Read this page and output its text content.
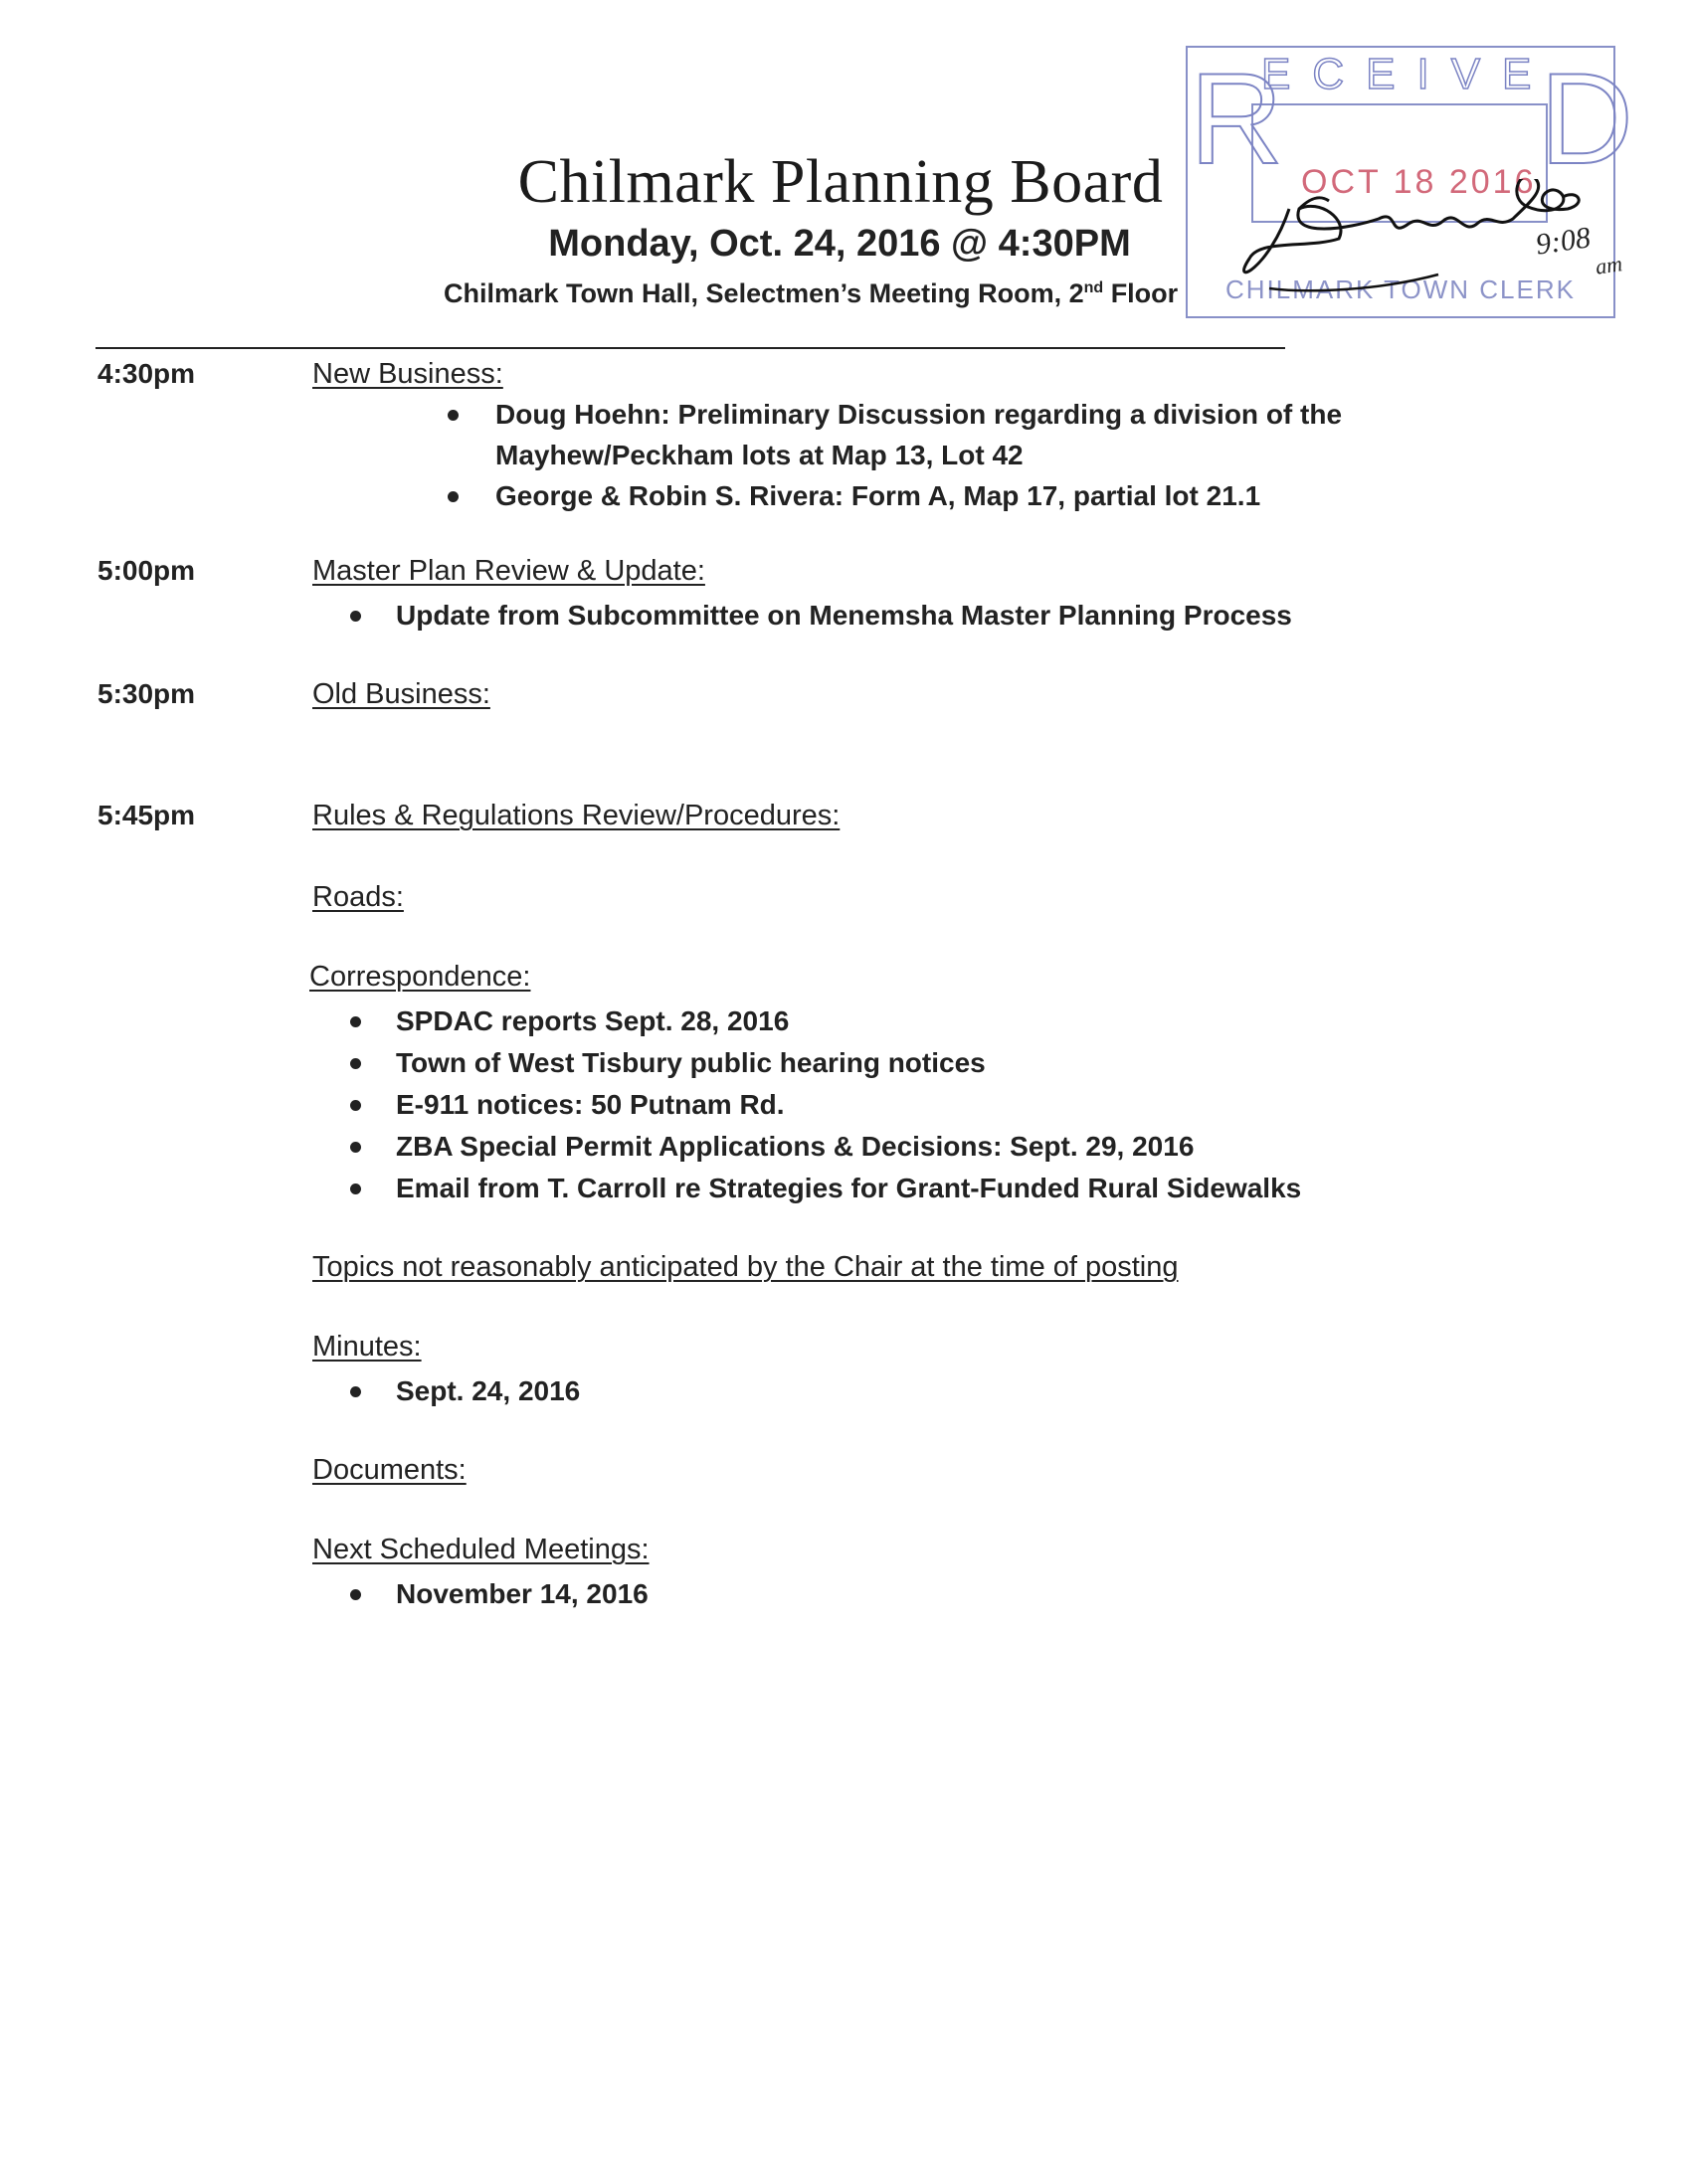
Chilmark Planning Board
Monday, Oct. 24, 2016 @ 4:30PM
Chilmark Town Hall, Selectmen’s Meeting Room, 2nd Floor
R D
ECEIVE
OCT 18 2016
CHILMARK TOWN CLERK
9:08
am
4:30pm	New Business:
Doug Hoehn: Preliminary Discussion regarding a division of the
Mayhew/Peckham lots at Map 13, Lot 42
George & Robin S. Rivera: Form A, Map 17, partial lot 21.1
5:00pm	Master Plan Review & Update:
Update from Subcommittee on Menemsha Master Planning Process
5:30pm	Old Business:
5:45pm	Rules & Regulations Review/Procedures:
Roads:
Correspondence:
SPDAC reports Sept. 28, 2016
Town of West Tisbury public hearing notices
E-911 notices: 50 Putnam Rd.
ZBA Special Permit Applications & Decisions: Sept. 29, 2016
Email from T. Carroll re Strategies for Grant-Funded Rural Sidewalks
Topics not reasonably anticipated by the Chair at the time of posting
Minutes:
Sept. 24, 2016
Documents:
Next Scheduled Meetings:
November 14, 2016
